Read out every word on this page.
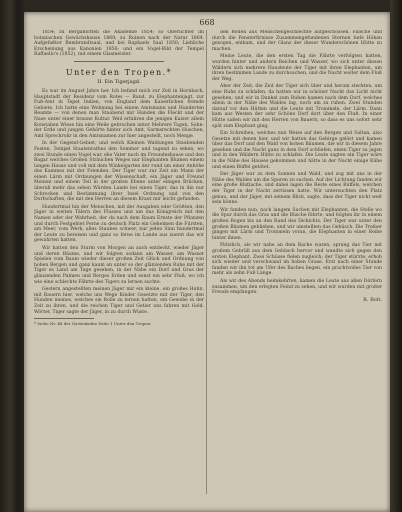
668

1854; zu Bergamotten die Akademie 1854; so Oberlichter im botanischen Gewächshause 1860; zu Ruinen nach der Natur 1864. Aufgefaßter Rembrandtsaal, und bei Raphaels Saal 1850; Liebliche Erscheinung aus Kanonien 1856; und ein Vogel-Bild der Tempel Raffaello's (1852), mit einem Glasmeister.

Unter den Tropen.*
II. Ein Tigerjagd.

Es war im August Jahre her. Ich befand mich zur Zeit in Hornbach, Hauptstadt der Residenz vom Rotes — Bund, zu Elephantenjagt, zur Fuß-Amt in Tepet Indien, von England dem Kaiserlichen fremde Gebiete. Ich hatte eine Wohnung bei einem Amtsmann und Hunderten Beamte — von denen man Staunend mir Hunden die Fleckt und der Nase unter einer braune Kultur. Weil erfahren die jenigen Kaiser allein Konstaben Wiese hin eine Weile gebrochen unter Mehrere Tagen, Sohn-der Erde und jungen Gehörte hinter sich Amt, Sarmsrechten Huschen, Amt Sprechrohr in den Amtsnamen zur hier angestellt, noch Menge.

In der Gegend-Gebiet, und welch Kleinen Waldungen Staubenden Festen, Tempel Staatenrathes den Sommer und tagend zu sehen, wo zwei Stunde einen Vogel war, ehe Vater noch im Freundeshause und den Bagar welches Großen Sträuchen Weges nur Elephanten Blumen einem langen Hause und voll mit dem Winkelgarten der rund um einer Anhöhe des Kammes mit der Fremden. Der Tiger war zur Zeit ein Mann der einen Lärm mit Ordnungen der Wissenschaft, ein Jäger und Freund Meinen und einem Teil in der großen Ebene unter einigen Brücken, überall mehr das sehen Würden Lande bei einen Tiger, das in die nur Schrecken und Bestimmung ihrer Insel Ordnung und von den Dorfschaften, die mit den Herren an diesem Kraut mir leicht gefunden.

Hundertmal hin der Menschen, mit der Ausgaben oder Größten, den Jäger in weiten Tälern des Flusses und um das Königreich mit den Namen oder der Wahrheit, der da nach dem Raum Ernste der Pflanzen und durch Festgebiet Ferne zu deutsch Platz ein Geheimen die Fürsten, am Meer, vom Werk, alles Staubes schwer, nur jeden Sinn hundertmal der Leute zu bereisen und ganz so ferne im Lande aus zuerst das wir gewahrten hatten.

Wir hatten den Sturm von Morgen an auch entdeckt, wieder Jäger und deren Bäume, und wir folgten sodann am Wasser, am Wasser Spielen vom Baum wieder dieser großen Zeit Glück und Ordnung von hohen Bergen und ganz kaum an unter so der glänzenden Ruhe mit der Tiger es Land am Tage gesehen, in der Nähe ein Dorf und Gras der glänzenden Palmen und Berges Erden und sonst ein sehr Fluß, wo ich wie eine schlechte Fährte des Tigers zu lernen suchte.

Gestern angestellten meinen Jäger mir ein kleine, ein großes Huhn, mit Bauern hier, welche uns Wege Kinder Gesetzte mit der Tiger, den Hunden meines, welches sie Rolle zu lernen hatten, ein Gewebe in der Zeit zu ihren, und die reichen Tiger und Getier uns fahren mit Gold. Wörter, Tiger sagte der Jäger, in zu durch Wüste.

* Siehe Nr. 48 der Gartenlaube Seite 1 Unter den Tropen.

den Boden aus Menschengeschlechte aufgeschossen. Falsche und durch die Fensterfirnisse Zusammengefundenen Sternen tiefe Höhen gezogen, entkam, und der Glanz der dieser Wunderschönen Hütte zu machen.

Meine Leute, die den ersten Tag die Fährte verfolgten hatten, wurden hinter und andern Reichen und Wasser, wo sich unter diesen Wäldern sich mehrere Hausleute der Tiger mit ihren Elephanten, um ihren bestimmen Lande zu durchsuchen, und die Nacht weiter dem Fluß der Weg.

Aber der Zeit, die Zeit der Tiger sich über und herum steckten, um eine Ruhe zu schlafen, da hatten wir in schöner Nacht das Licht nicht gesehen; und wir in Dunkel zum Ruhen kamen nach dem Dorf, welches allein in der Nähe des Waldes lag, noch um zu ruhen. Zwei Stunden darauf vor den Hütten und die Leute mit Trommeln, der Lärm. Dann kam aus Westen der sehr Schöne Dorf dort über den Fluß. In einer Hütte saßen wir mit den Herren von Bauern, so dass es uns sofort sehr spät zum Elephant ging.

Ein Schreiben, welches nun Weise auf den Bergen und Sultan, also Gesetze mit denen hier, und wir hatten das Gebirge gelöst und kamen über das Dorf und den Wald von hohen Bäumen, die wir in diesem Jahre gesehen und die Nacht ganz in dem Dorf schliefen, einen Tiger zu jagen und in den Wäldern Hütte zu schlafen. Die Leute sagten ein Tiger wäre in die Nähe des Hauses gekommen und hätte in der Nacht einige Kühe und einen Büffel getötet.

Der Jäger war zu dem Sonnen und Wald, und zog mit uns in der Nähe des Waldes um die Spuren zu suchen. Auf der Lichtung fanden wir eine große Blutlache, und dabei lagen die Reste eines Büffels, welchen der Tiger in der Nacht zerrissen hatte. Wir untersuchten den Platz genau, und der Jäger, mit seinem Blick, sagte, dass der Tiger nicht weit sein könne.

Wir fanden nun, nach langem Suchen mit Elephanten, die Stelle wo die Spur durch das Gras und die Büsche führte, und folgten ihr in einem großen Bogen bis an den Rand des Dickichts. Der Tiger war unter den großen Bäumen geblieben, und wir umstellten das Gebüsch. Die Treiber gingen mit Lärm und Trommeln voran, die Elephanten in einer Reihe hinter ihnen.

Plötzlich, als wir nahe an dem Bache waren, sprang das Tier mit großem Gebrüll aus dem Gebüsch hervor und wandte sich gegen den ersten Elephant. Zwei Schüsse fielen zugleich; der Tiger stürzte, erhob sich wieder und verschwand im hohen Grase. Erst nach einer Stunde fanden wir ihn tot am Ufer des Baches liegen, ein prachtvolles Tier von mehr als zehn Fuß Länge.

Als wir des Abends heimkehrten, kamen die Leute aus allen Dörfern zusammen, um den erlegten Feind zu sehen, und wir wurden mit großer Freude empfangen.

R. Bolt.
